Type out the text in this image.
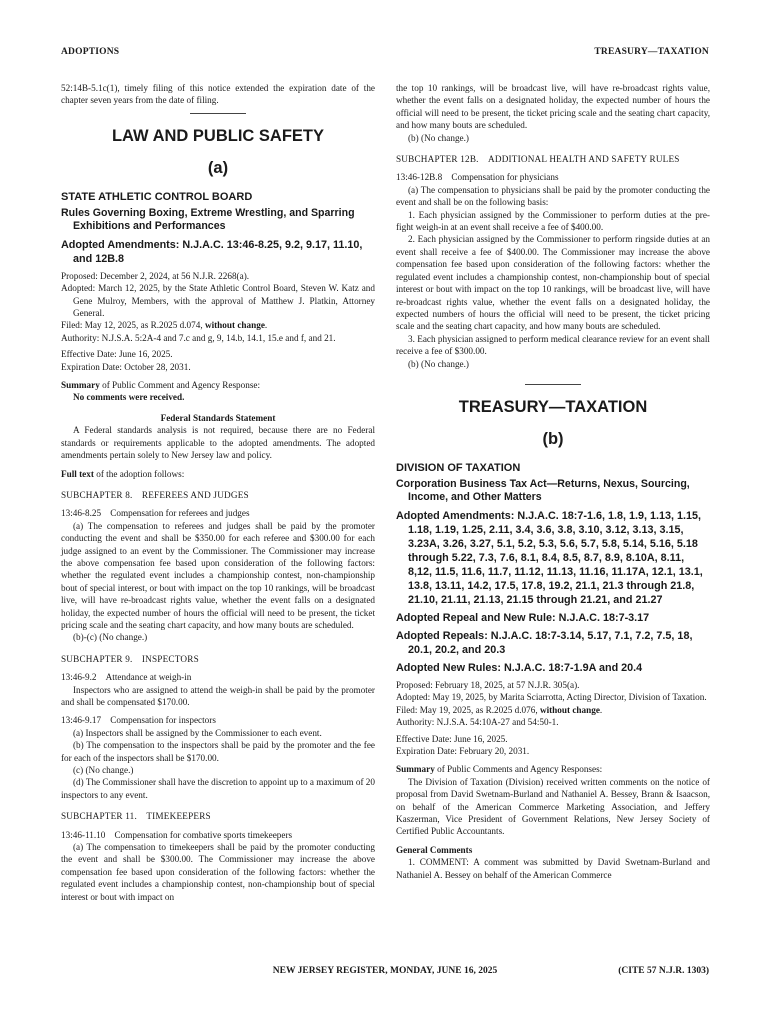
ADOPTIONS	TREASURY—TAXATION

52:14B-5.1c(1), timely filing of this notice extended the expiration date of the chapter seven years from the date of filing.

LAW AND PUBLIC SAFETY
(a)
STATE ATHLETIC CONTROL BOARD
Rules Governing Boxing, Extreme Wrestling, and Sparring Exhibitions and Performances
Adopted Amendments: N.J.A.C. 13:46-8.25, 9.2, 9.17, 11.10, and 12B.8

Proposed: December 2, 2024, at 56 N.J.R. 2268(a).

Adopted: March 12, 2025, by the State Athletic Control Board, Steven W. Katz and Gene Mulroy, Members, with the approval of Matthew J. Platkin, Attorney General.

Filed: May 12, 2025, as R.2025 d.074, without change.

Authority: N.J.S.A. 5:2A-4 and 7.c and g, 9, 14.b, 14.1, 15.e and f, and 21.

Effective Date: June 16, 2025.

Expiration Date: October 28, 2031.

Summary of Public Comment and Agency Response:

No comments were received.

Federal Standards Statement

A Federal standards analysis is not required, because there are no Federal standards or requirements applicable to the adopted amendments. The adopted amendments pertain solely to New Jersey law and policy.

Full text of the adoption follows:

SUBCHAPTER 8. REFEREES AND JUDGES

13:46-8.25 Compensation for referees and judges

(a) The compensation to referees and judges shall be paid by the promoter conducting the event and shall be $350.00 for each referee and $300.00 for each judge assigned to an event by the Commissioner. The Commissioner may increase the above compensation fee based upon consideration of the following factors: whether the regulated event includes a championship contest, non-championship bout of special interest, or bout with impact on the top 10 rankings, will be broadcast live, will have re-broadcast rights value, whether the event falls on a designated holiday, the expected number of hours the official will need to be present, the ticket pricing scale and the seating chart capacity, and how many bouts are scheduled.

(b)-(c) (No change.)

SUBCHAPTER 9. INSPECTORS

13:46-9.2 Attendance at weigh-in

Inspectors who are assigned to attend the weigh-in shall be paid by the promoter and shall be compensated $170.00.

13:46-9.17 Compensation for inspectors

(a) Inspectors shall be assigned by the Commissioner to each event.

(b) The compensation to the inspectors shall be paid by the promoter and the fee for each of the inspectors shall be $170.00.

(c) (No change.)

(d) The Commissioner shall have the discretion to appoint up to a maximum of 20 inspectors to any event.

SUBCHAPTER 11. TIMEKEEPERS

13:46-11.10 Compensation for combative sports timekeepers

(a) The compensation to timekeepers shall be paid by the promoter conducting the event and shall be $300.00. The Commissioner may increase the above compensation fee based upon consideration of the following factors: whether the regulated event includes a championship contest, non-championship bout of special interest or bout with impact on

the top 10 rankings, will be broadcast live, will have re-broadcast rights value, whether the event falls on a designated holiday, the expected number of hours the official will need to be present, the ticket pricing scale and the seating chart capacity, and how many bouts are scheduled.

(b) (No change.)

SUBCHAPTER 12B. ADDITIONAL HEALTH AND SAFETY RULES

13:46-12B.8 Compensation for physicians

(a) The compensation to physicians shall be paid by the promoter conducting the event and shall be on the following basis:

1. Each physician assigned by the Commissioner to perform duties at the pre-fight weigh-in at an event shall receive a fee of $400.00.

2. Each physician assigned by the Commissioner to perform ringside duties at an event shall receive a fee of $400.00. The Commissioner may increase the above compensation fee based upon consideration of the following factors: whether the regulated event includes a championship contest, non-championship bout of special interest or bout with impact on the top 10 rankings, will be broadcast live, will have re-broadcast rights value, whether the event falls on a designated holiday, the expected numbers of hours the official will need to be present, the ticket pricing scale and the seating chart capacity, and how many bouts are scheduled.

3. Each physician assigned to perform medical clearance review for an event shall receive a fee of $300.00.

(b) (No change.)

TREASURY—TAXATION
(b)
DIVISION OF TAXATION
Corporation Business Tax Act—Returns, Nexus, Sourcing, Income, and Other Matters
Adopted Amendments: N.J.A.C. 18:7-1.6, 1.8, 1.9, 1.13, 1.15, 1.18, 1.19, 1.25, 2.11, 3.4, 3.6, 3.8, 3.10, 3.12, 3.13, 3.15, 3.23A, 3.26, 3.27, 5.1, 5.2, 5.3, 5.6, 5.7, 5.8, 5.14, 5.16, 5.18 through 5.22, 7.3, 7.6, 8.1, 8.4, 8.5, 8.7, 8.9, 8.10A, 8.11, 8,12, 11.5, 11.6, 11.7, 11.12, 11.13, 11.16, 11.17A, 12.1, 13.1, 13.8, 13.11, 14.2, 17.5, 17.8, 19.2, 21.1, 21.3 through 21.8, 21.10, 21.11, 21.13, 21.15 through 21.21, and 21.27
Adopted Repeal and New Rule: N.J.A.C. 18:7-3.17
Adopted Repeals: N.J.A.C. 18:7-3.14, 5.17, 7.1, 7.2, 7.5, 18, 20.1, 20.2, and 20.3
Adopted New Rules: N.J.A.C. 18:7-1.9A and 20.4

Proposed: February 18, 2025, at 57 N.J.R. 305(a).

Adopted: May 19, 2025, by Marita Sciarrotta, Acting Director, Division of Taxation.

Filed: May 19, 2025, as R.2025 d.076, without change.

Authority: N.J.S.A. 54:10A-27 and 54:50-1.

Effective Date: June 16, 2025.

Expiration Date: February 20, 2031.

Summary of Public Comments and Agency Responses:

The Division of Taxation (Division) received written comments on the notice of proposal from David Swetnam-Burland and Nathaniel A. Bessey, Brann & Isaacson, on behalf of the American Commerce Marketing Association, and Jeffery Kaszerman, Vice President of Government Relations, New Jersey Society of Certified Public Accountants.

General Comments

1. COMMENT: A comment was submitted by David Swetnam-Burland and Nathaniel A. Bessey on behalf of the American Commerce

NEW JERSEY REGISTER, MONDAY, JUNE 16, 2025	(CITE 57 N.J.R. 1303)
